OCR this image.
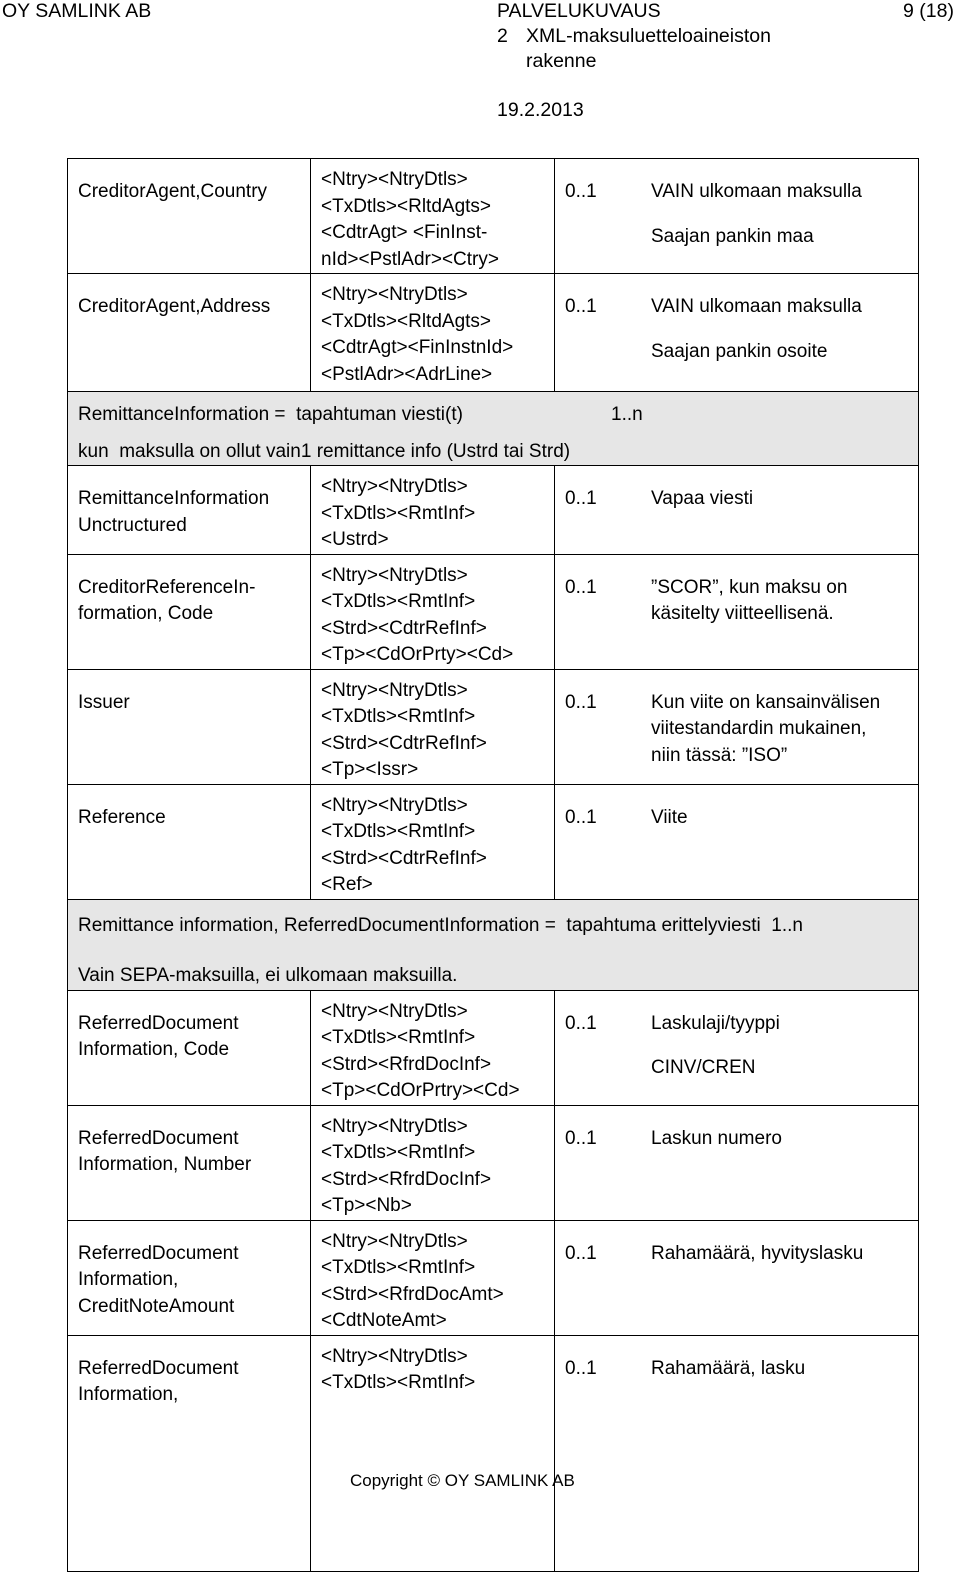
OY SAMLINK AB	PALVELUKUVAUS	9 (18)
2 XML-maksuluetteloaineiston
rakenne
19.2.2013
CreditorAgent,Country	<Ntry><NtryDtls>
<TxDtls><RltdAgts>
<CdtrAgt> <FinInst-
nId><PstlAdr><Ctry>	0..1 VAIN ulkomaan maksulla
Saajan pankin maa

CreditorAgent,Address	<Ntry><NtryDtls>
<TxDtls><RltdAgts>
<CdtrAgt><FinInstnId>
<PstlAdr><AdrLine>	0..1 VAIN ulkomaan maksulla
Saajan pankin osoite

RemittanceInformation =  tapahtuman viesti(t) 1..n
kun  maksulla on ollut vain1 remittance info (Ustrd tai Strd)		

RemittanceInformation
Unctructured	<Ntry><NtryDtls>
<TxDtls><RmtInf>
<Ustrd>	0..1 Vapaa viesti

CreditorReferenceIn-
formation, Code	<Ntry><NtryDtls>
<TxDtls><RmtInf>
<Strd><CdtrRefInf>
<Tp><CdOrPrty><Cd>	0..1 ”SCOR”, kun maksu on
käsitelty viitteellisenä.

Issuer	<Ntry><NtryDtls>
<TxDtls><RmtInf>
<Strd><CdtrRefInf>
<Tp><Issr>	0..1 Kun viite on kansainvälisen
viitestandardin mukainen,
niin tässä: ”ISO”

Reference	<Ntry><NtryDtls>
<TxDtls><RmtInf>
<Strd><CdtrRefInf>
<Ref>	0..1 Viite

Remittance information, ReferredDocumentInformation =  tapahtuma erittelyviesti  1..n
Vain SEPA-maksuilla, ei ulkomaan maksuilla.		

ReferredDocument
Information, Code	<Ntry><NtryDtls>
<TxDtls><RmtInf>
<Strd><RfrdDocInf>
<Tp><CdOrPrtry><Cd>	0..1 Laskulaji/tyyppi
CINV/CREN

ReferredDocument
Information, Number	<Ntry><NtryDtls>
<TxDtls><RmtInf>
<Strd><RfrdDocInf>
<Tp><Nb>	0..1 Laskun numero

ReferredDocument
Information,
CreditNoteAmount	<Ntry><NtryDtls>
<TxDtls><RmtInf>
<Strd><RfrdDocAmt>
<CdtNoteAmt>	0..1 Rahamäärä, hyvityslasku

ReferredDocument
Information,	<Ntry><NtryDtls>
<TxDtls><RmtInf>	0..1 Rahamäärä, lasku
Copyright © OY SAMLINK AB
